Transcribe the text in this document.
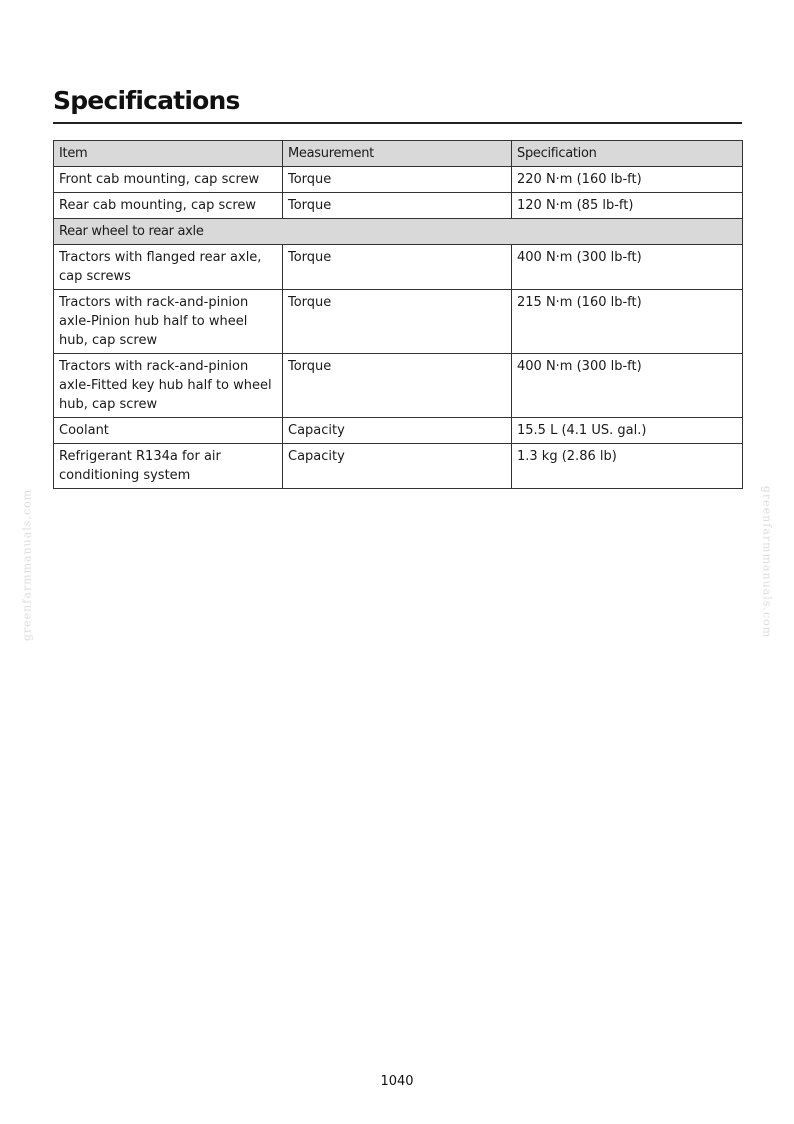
Specifications
Item	Measurement	Specification
Front cab mounting, cap screw	Torque	220 N·m (160 lb-ft)
Rear cab mounting, cap screw	Torque	120 N·m (85 lb-ft)
Rear wheel to rear axle		
Tractors with flanged rear axle, cap screws	Torque	400 N·m (300 lb-ft)
Tractors with rack-and-pinion axle-Pinion hub half to wheel hub, cap screw	Torque	215 N·m (160 lb-ft)
Tractors with rack-and-pinion axle-Fitted key hub half to wheel hub, cap screw	Torque	400 N·m (300 lb-ft)
Coolant	Capacity	15.5 L (4.1 US. gal.)
Refrigerant R134a for air conditioning system	Capacity	1.3 kg (2.86 lb)
greenfarmmanuals.com	greenfarmmanuals.com
1040
